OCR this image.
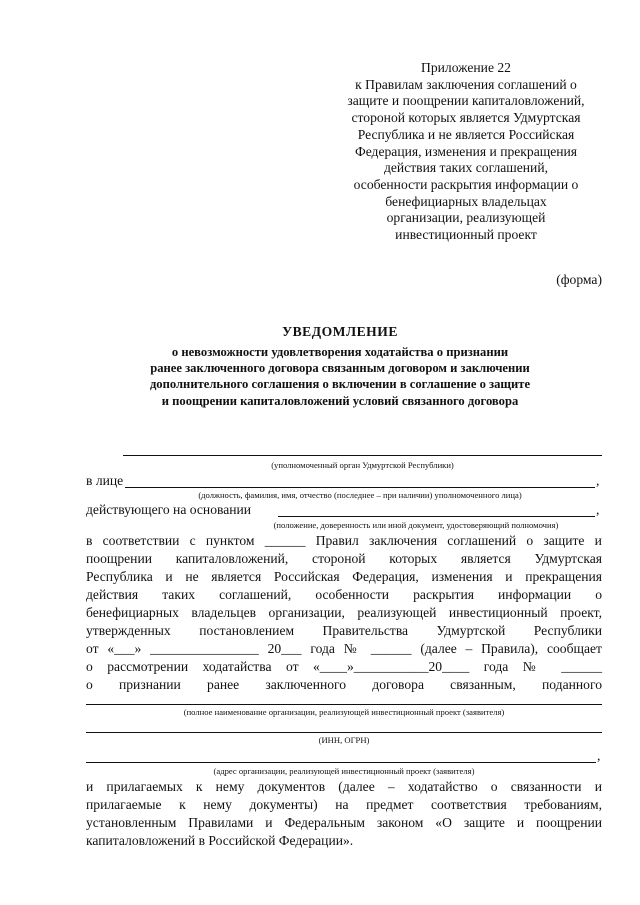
Приложение 22
к Правилам заключения соглашений о
защите и поощрении капиталовложений,
стороной которых является Удмуртская
Республика и не является Российская
Федерация, изменения и прекращения
действия таких соглашений,
особенности раскрытия информации о
бенефициарных владельцах
организации, реализующей
инвестиционный проект
(форма)
УВЕДОМЛЕНИЕ
о невозможности удовлетворения ходатайства о признании
ранее заключенного договора связанным договором и заключении
дополнительного соглашения о включении в соглашение о защите
и поощрении капиталовложений условий связанного договора
(уполномоченный орган Удмуртской Республики)
в лице	,
(должность, фамилия, имя, отчество (последнее – при наличии) уполномоченного лица)
действующего на основании	,
(положение, доверенность или иной документ, удостоверяющий полномочия)
в соответствии с пунктом ______ Правил заключения соглашений о защите и
поощрении капиталовложений, стороной которых является Удмуртская
Республика и не является Российская Федерация, изменения и прекращения
действия таких соглашений, особенности раскрытия информации о
бенефициарных владельцев организации, реализующей инвестиционный проект,
утвержденных постановлением Правительства Удмуртской Республики
от «___» ________________ 20___ года № ______ (далее – Правила), сообщает
о рассмотрении ходатайства от «____»___________20____ года № ______
о признании ранее заключенного договора связанным, поданного
(полное наименование организации, реализующей инвестиционный проект (заявителя)
(ИНН, ОГРН)
,
(адрес организации, реализующей инвестиционный проект (заявителя)
и прилагаемых к нему документов (далее – ходатайство о связанности и
прилагаемые к нему документы) на предмет соответствия требованиям,
установленным Правилами и Федеральным законом «О защите и поощрении
капиталовложений в Российской Федерации».
